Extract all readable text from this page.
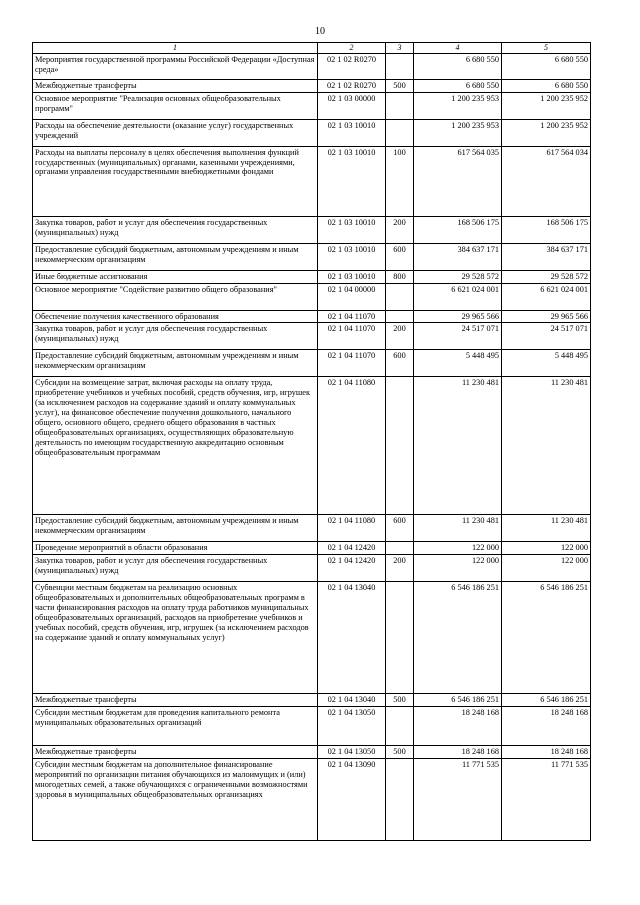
10
1	2	3	4	5
Мероприятия государственной программы Российской Федерации «Доступная среда»	02 1 02 R0270		6 680 550	6 680 550
Межбюджетные трансферты	02 1 02 R0270	500	6 680 550	6 680 550
Основное мероприятие "Реализация основных общеобразовательных программ"	02 1 03 00000		1 200 235 953	1 200 235 952
Расходы на обеспечение деятельности (оказание услуг) государственных учреждений	02 1 03 10010		1 200 235 953	1 200 235 952
Расходы на выплаты персоналу в целях обеспечения выполнения функций государственных (муниципальных) органами, казенными учреждениями, органами управления государственными внебюджетными фондами	02 1 03 10010	100	617 564 035	617 564 034
Закупка товаров, работ и услуг для обеспечения государственных (муниципальных) нужд	02 1 03 10010	200	168 506 175	168 506 175
Предоставление субсидий бюджетным, автономным учреждениям и иным некоммерческим организациям	02 1 03 10010	600	384 637 171	384 637 171
Иные бюджетные ассигнования	02 1 03 10010	800	29 528 572	29 528 572
Основное мероприятие "Содействие развитию общего образования"	02 1 04 00000		6 621 024 001	6 621 024 001
Обеспечение получения качественного образования	02 1 04 11070		29 965 566	29 965 566
Закупка товаров, работ и услуг для обеспечения государственных (муниципальных) нужд	02 1 04 11070	200	24 517 071	24 517 071
Предоставление субсидий бюджетным, автономным учреждениям и иным некоммерческим организациям	02 1 04 11070	600	5 448 495	5 448 495
Субсидии на возмещение затрат, включая расходы на оплату труда, приобретение учебников и учебных пособий, средств обучения, игр, игрушек (за исключением расходов на содержание зданий и оплату коммунальных услуг), на финансовое обеспечение получения дошкольного, начального общего, основного общего, среднего общего образования в частных общеобразовательных организациях, осуществляющих образовательную деятельность по имеющим государственную аккредитацию основным общеобразовательным программам	02 1 04 11080		11 230 481	11 230 481
Предоставление субсидий бюджетным, автономным учреждениям и иным некоммерческим организациям	02 1 04 11080	600	11 230 481	11 230 481
Проведение мероприятий в области образования	02 1 04 12420		122 000	122 000
Закупка товаров, работ и услуг для обеспечения государственных (муниципальных) нужд	02 1 04 12420	200	122 000	122 000
Субвенции местным бюджетам на реализацию основных общеобразовательных и дополнительных общеобразовательных программ в части финансирования расходов на оплату труда работников муниципальных общеобразовательных организаций, расходов на приобретение учебников и учебных пособий, средств обучения, игр, игрушек (за исключением расходов на содержание зданий и оплату коммунальных услуг)	02 1 04 13040		6 546 186 251	6 546 186 251
Межбюджетные трансферты	02 1 04 13040	500	6 546 186 251	6 546 186 251
Субсидии местным бюджетам для проведения капитального ремонта муниципальных образовательных организаций	02 1 04 13050		18 248 168	18 248 168
Межбюджетные трансферты	02 1 04 13050	500	18 248 168	18 248 168
Субсидии местным бюджетам на дополнительное финансирование мероприятий по организации питания обучающихся из малоимущих и (или) многодетных семей, а также обучающихся с ограниченными возможностями здоровья в муниципальных общеобразовательных организациях	02 1 04 13090		11 771 535	11 771 535
